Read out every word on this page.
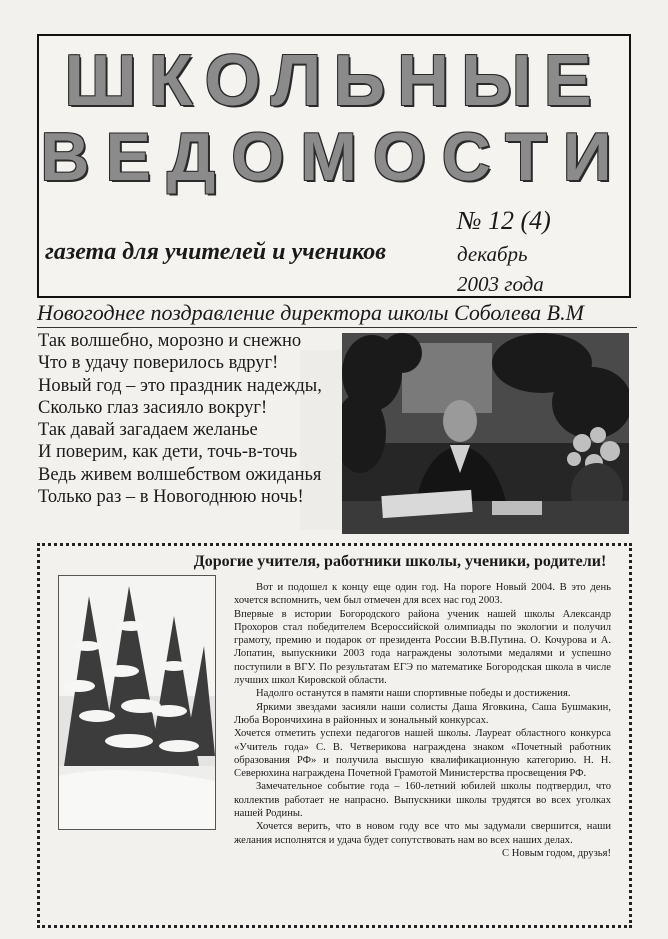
ШКОЛЬНЫЕ
ВЕДОМОСТИ
№ 12 (4)
газета для учителей и учеников	декабрь
2003 года
Новогоднее поздравление директора школы Соболева В.М
Так волшебно, морозно и снежно
Что в удачу поверилось вдруг!
Новый год – это праздник надежды,
Сколько глаз засияло вокруг!
Так давай загадаем желанье
И поверим, как дети, точь-в-точь
Ведь живем волшебством ожиданья
Только раз – в Новогоднюю ночь!
Дорогие учителя, работники школы, ученики, родители!

Вот и подошел к концу еще один год. На пороге Новый 2004. В это день хочется вспомнить, чем был отмечен для всех нас год 2003.

Впервые в истории Богородского района ученик нашей школы Александр Прохоров стал победителем Всероссийской олимпиады по экологии и получил грамоту, премию и подарок от президента России В.В.Путина. О. Кочурова и А. Лопатин, выпускники 2003 года награждены золотыми медалями и успешно поступили в ВГУ. По результатам ЕГЭ по математике Богородская школа в числе лучших школ Кировской области.

Надолго останутся в памяти наши спортивные победы и достижения.

Яркими звездами засияли наши солисты Даша Яговкина, Саша Бушмакин, Люба Ворончихина в районных и зональный конкурсах.

Хочется отметить успехи педагогов нашей школы. Лауреат областного конкурса «Учитель года» С. В. Четверикова награждена знаком «Почетный работник образования РФ» и получила высшую квалификационную категорию. Н. Н. Северюхина награждена Почетной Грамотой Министерства просвещения РФ.

Замечательное событие года – 160-летний юбилей школы подтвердил, что коллектив работает не напрасно. Выпускники школы трудятся во всех уголках нашей Родины.

Хочется верить, что в новом году все что мы задумали свершится, наши желания исполнятся и удача будет сопутствовать нам во всех наших делах.

С Новым годом, друзья!
